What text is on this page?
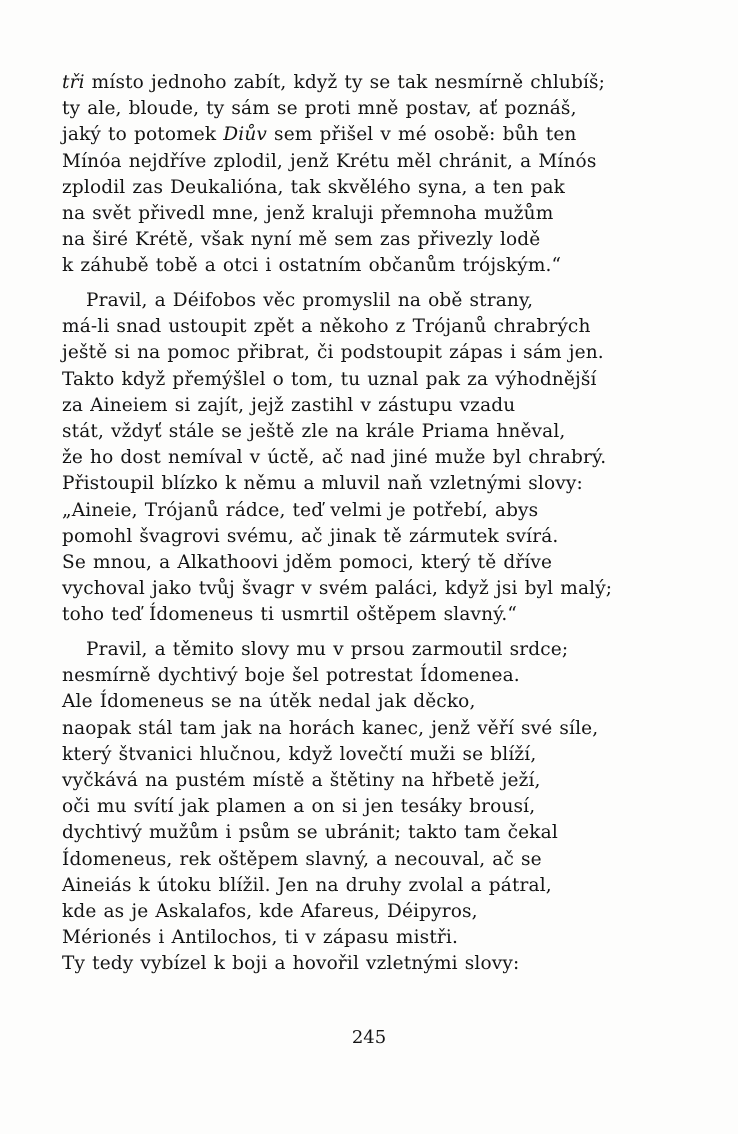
tři místo jednoho zabít, když ty se tak nesmírně chlubíš;
ty ale, bloude, ty sám se proti mně postav, ať poznáš,
jaký to potomek Diův sem přišel v mé osobě: bůh ten
Mínóa nejdříve zplodil, jenž Krétu měl chránit, a Mínós
zplodil zas Deukalióna, tak skvělého syna, a ten pak
na svět přivedl mne, jenž kraluji přemnoha mužům
na širé Krétě, však nyní mě sem zas přivezly lodě
k záhubě tobě a otci i ostatním občanům trójským.“
Pravil, a Déifobos věc promyslil na obě strany,
má-li snad ustoupit zpět a někoho z Trójanů chrabrých
ještě si na pomoc přibrat, či podstoupit zápas i sám jen.
Takto když přemýšlel o tom, tu uznal pak za výhodnější
za Aineiem si zajít, jejž zastihl v zástupu vzadu
stát, vždyť stále se ještě zle na krále Priama hněval,
že ho dost nemíval v úctě, ač nad jiné muže byl chrabrý.
Přistoupil blízko k němu a mluvil naň vzletnými slovy:
„Aineie, Trójanů rádce, teď velmi je potřebí, abys
pomohl švagrovi svému, ač jinak tě zármutek svírá.
Se mnou, a Alkathoovi jděm pomoci, který tě dříve
vychoval jako tvůj švagr v svém paláci, když jsi byl malý;
toho teď Ídomeneus ti usmrtil oštěpem slavný.“
Pravil, a těmito slovy mu v prsou zarmoutil srdce;
nesmírně dychtivý boje šel potrestat Ídomenea.
Ale Ídomeneus se na útěk nedal jak děcko,
naopak stál tam jak na horách kanec, jenž věří své síle,
který štvanici hlučnou, když lovečtí muži se blíží,
vyčkává na pustém místě a štětiny na hřbetě ježí,
oči mu svítí jak plamen a on si jen tesáky brousí,
dychtivý mužům i psům se ubránit; takto tam čekal
Ídomeneus, rek oštěpem slavný, a necouval, ač se
Aineiás k útoku blížil. Jen na druhy zvolal a pátral,
kde as je Askalafos, kde Afareus, Déipyros,
Mérionés i Antilochos, ti v zápasu mistři.
Ty tedy vybízel k boji a hovořil vzletnými slovy:
245
